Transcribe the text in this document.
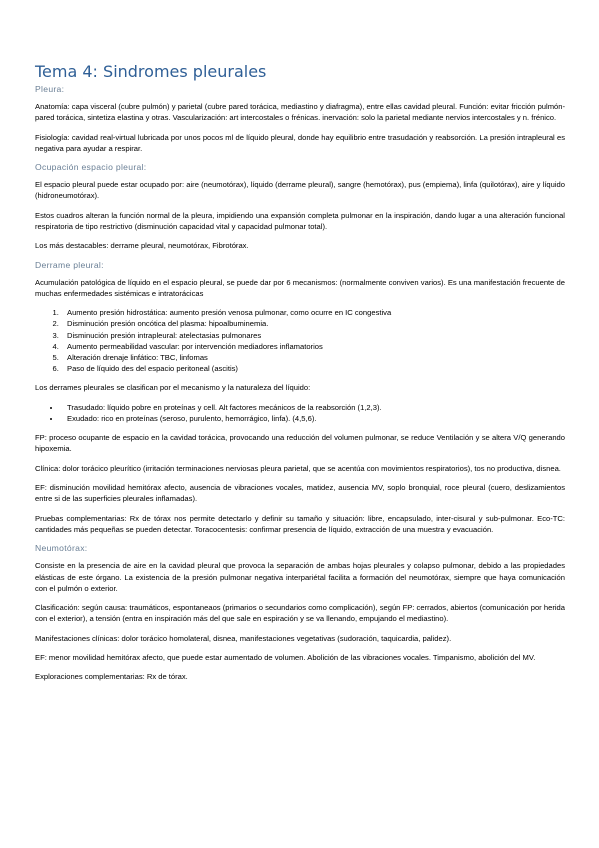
Tema 4: Sindromes pleurales
Pleura:

Anatomía: capa visceral (cubre pulmón) y parietal (cubre pared torácica, mediastino y diafragma), entre ellas cavidad pleural. Función: evitar fricción pulmón-pared torácica, sintetiza elastina y otras. Vascularización: art intercostales o frénicas. inervación: solo la parietal mediante nervios intercostales y n. frénico.

Fisiología: cavidad real-virtual lubricada por unos pocos ml de líquido pleural, donde hay equilibrio entre trasudación y reabsorción. La presión intrapleural es negativa para ayudar a respirar.

Ocupación espacio pleural:

El espacio pleural puede estar ocupado por: aire (neumotórax), líquido (derrame pleural), sangre (hemotórax), pus (empiema), linfa (quilotórax), aire y líquido (hidroneumotórax).

Estos cuadros alteran la función normal de la pleura, impidiendo una expansión completa pulmonar en la inspiración, dando lugar a una alteración funcional respiratoria de tipo restrictivo (disminución capacidad vital y capacidad pulmonar total).

Los más destacables: derrame pleural, neumotórax, Fibrotórax.

Derrame pleural:

Acumulación patológica de líquido en el espacio pleural, se puede dar por 6 mecanismos: (normalmente conviven varios). Es una manifestación frecuente de muchas enfermedades sistémicas e intratorácicas

1. Aumento presión hidrostática: aumento presión venosa pulmonar, como ocurre en IC congestiva
2. Disminución presión oncótica del plasma: hipoalbuminemia.
3. Disminución presión intrapleural: atelectasias pulmonares
4. Aumento permeabilidad vascular: por intervención mediadores inflamatorios
5. Alteración drenaje linfático: TBC, linfomas
6. Paso de líquido des del espacio peritoneal (ascitis)

Los derrames pleurales se clasifican por el mecanismo y la naturaleza del líquido:

• Trasudado: líquido pobre en proteínas y cell. Alt factores mecánicos de la reabsorción (1,2,3).
• Exudado: rico en proteínas (seroso, purulento, hemorrágico, linfa). (4,5,6).

FP: proceso ocupante de espacio en la cavidad torácica, provocando una reducción del volumen pulmonar, se reduce Ventilación y se altera V/Q generando hipoxemia.

Clínica: dolor torácico pleurítico (irritación terminaciones nerviosas pleura parietal, que se acentúa con movimientos respiratorios), tos no productiva, disnea.

EF: disminución movilidad hemitórax afecto, ausencia de vibraciones vocales, matidez, ausencia MV, soplo bronquial, roce pleural (cuero, deslizamientos entre si de las superficies pleurales inflamadas).

Pruebas complementarias: Rx de tórax nos permite detectarlo y definir su tamaño y situación: libre, encapsulado, inter-cisural y sub-pulmonar. Eco-TC: cantidades más pequeñas se pueden detectar. Toracocentesis: confirmar presencia de líquido, extracción de una muestra y evacuación.

Neumotórax:

Consiste en la presencia de aire en la cavidad pleural que provoca la separación de ambas hojas pleurales y colapso pulmonar, debido a las propiedades elásticas de este órgano. La existencia de la presión pulmonar negativa interpariétal facilita a formación del neumotórax, siempre que haya comunicación con el pulmón o exterior.

Clasificación: según causa: traumáticos, espontaneaos (primarios o secundarios como complicación), según FP: cerrados, abiertos (comunicación por herida con el exterior), a tensión (entra en inspiración más del que sale en espiración y se va llenando, empujando el mediastino).

Manifestaciones clínicas: dolor torácico homolateral, disnea, manifestaciones vegetativas (sudoración, taquicardia, palidez).

EF: menor movilidad hemitórax afecto, que puede estar aumentado de volumen. Abolición de las vibraciones vocales. Timpanismo, abolición del MV.

Exploraciones complementarias: Rx de tórax.
